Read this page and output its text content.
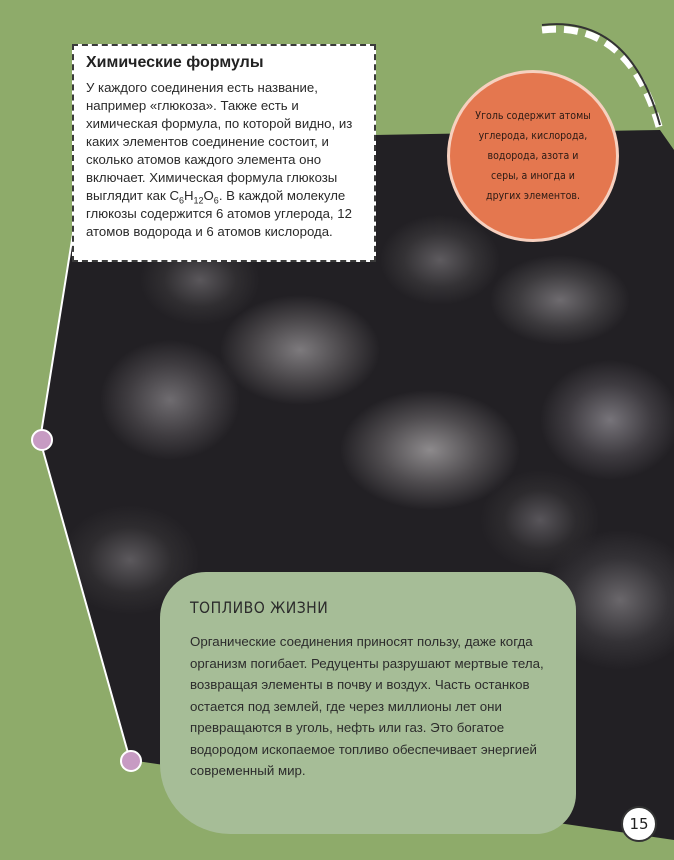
Химические формулы

У каждого соединения есть название, например «глюкоза». Также есть и химическая формула, по которой видно, из каких элементов соединение состоит, и сколько атомов каждого элемента оно включает. Химическая формула глюкозы выглядит как $C_6H_{12}O_6$. В каждой молекуле глюкозы содержится 6 атомов углерода, 12 атомов водорода и 6 атомов кислорода.

Уголь содержит атомы углерода, кислорода, водорода, азота и серы, а иногда и других элементов.
ТОПЛИВО ЖИЗНИ

Органические соединения приносят пользу, даже когда организм погибает. Редуценты разрушают мертвые тела, возвращая элементы в почву и воздух. Часть останков остается под землей, где через миллионы лет они превращаются в уголь, нефть или газ. Это богатое водородом ископаемое топливо обеспечивает энергией современный мир.

15
